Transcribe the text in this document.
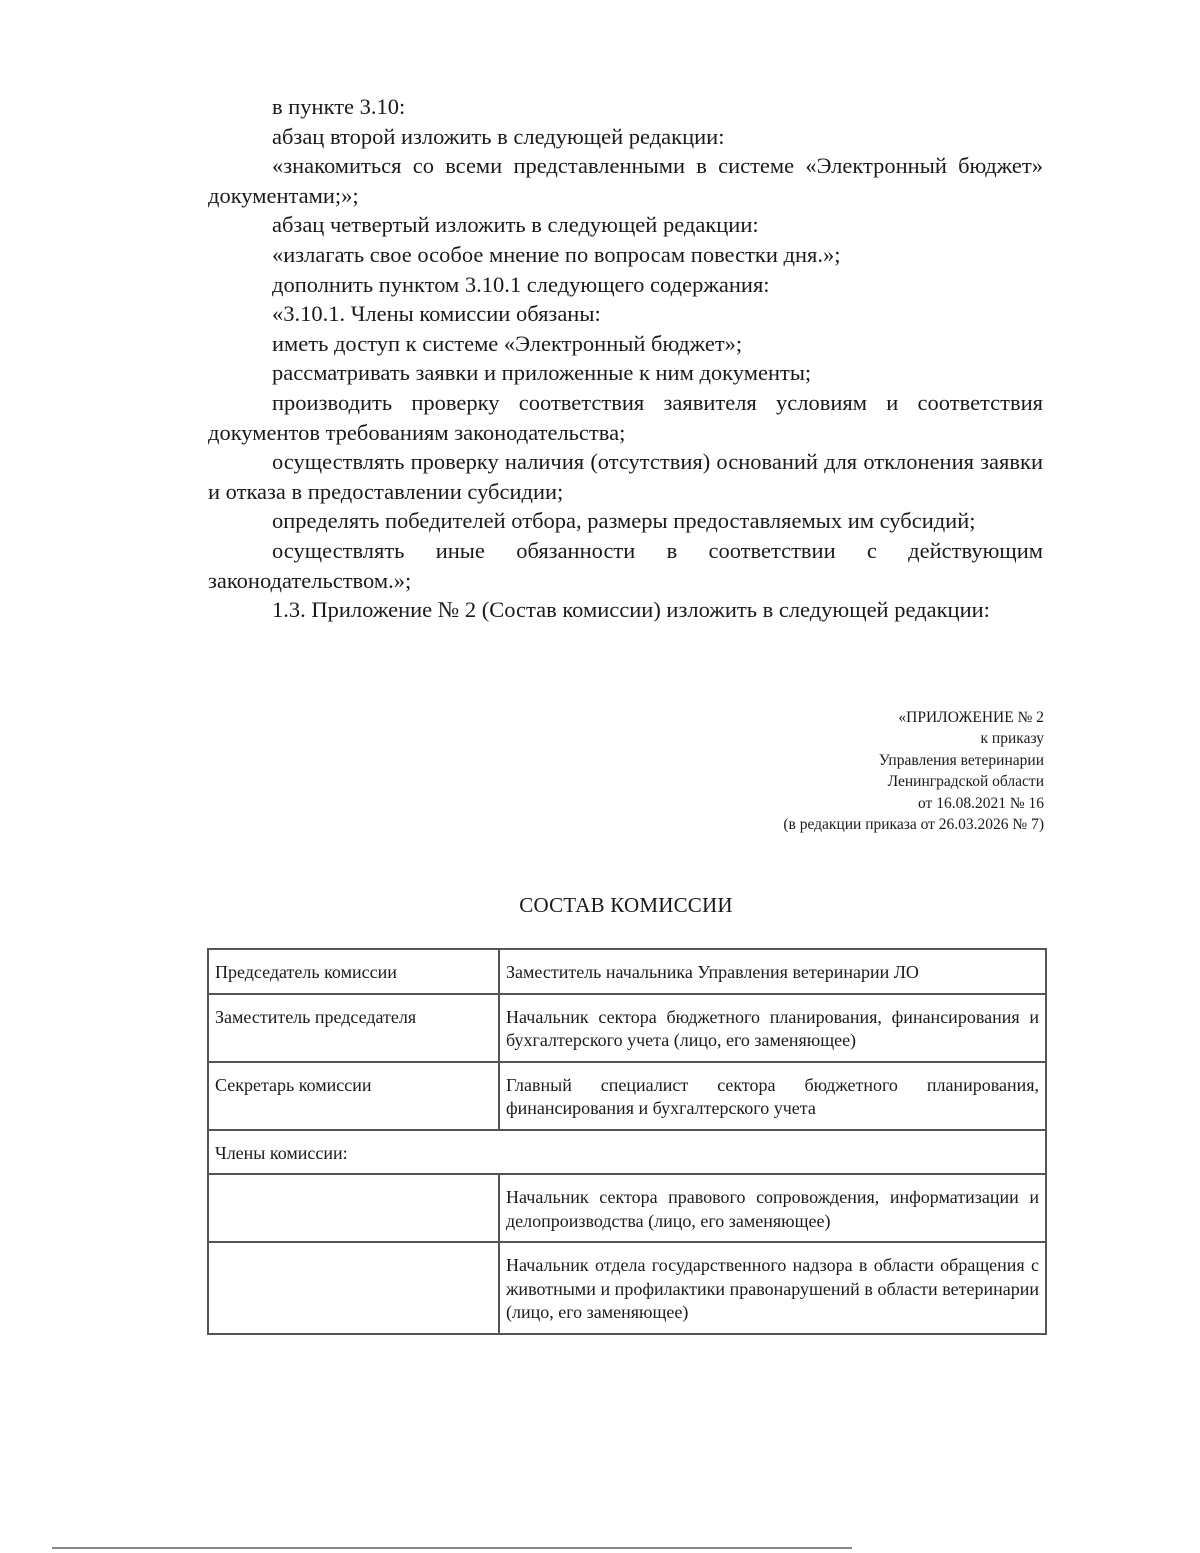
в пункте 3.10:

абзац второй изложить в следующей редакции:

«знакомиться со всеми представленными в системе «Электронный бюджет» документами;»;

абзац четвертый изложить в следующей редакции:

«излагать свое особое мнение по вопросам повестки дня.»;

дополнить пунктом 3.10.1 следующего содержания:

«3.10.1. Члены комиссии обязаны:

иметь доступ к системе «Электронный бюджет»;

рассматривать заявки и приложенные к ним документы;

производить проверку соответствия заявителя условиям и соответствия документов требованиям законодательства;

осуществлять проверку наличия (отсутствия) оснований для отклонения заявки и отказа в предоставлении субсидии;

определять победителей отбора, размеры предоставляемых им субсидий;

осуществлять иные обязанности в соответствии с действующим законодательством.»;

1.3. Приложение № 2 (Состав комиссии) изложить в следующей редакции:

«ПРИЛОЖЕНИЕ № 2
к приказу
Управления ветеринарии
Ленинградской области
от 16.08.2021 № 16
(в редакции приказа от 26.03.2026 № 7)
СОСТАВ КОМИССИИ
Председатель комиссии	Заместитель начальника Управления ветеринарии ЛО
Заместитель председателя	Начальник сектора бюджетного планирования, финансирования и бухгалтерского учета (лицо, его заменяющее)
Секретарь комиссии	Главный специалист сектора бюджетного планирования, финансирования и бухгалтерского учета
Члены комиссии:	
	Начальник сектора правового сопровождения, информатизации и делопроизводства (лицо, его заменяющее)
	Начальник отдела государственного надзора в области обращения с животными и профилактики правонарушений в области ветеринарии (лицо, его заменяющее)
